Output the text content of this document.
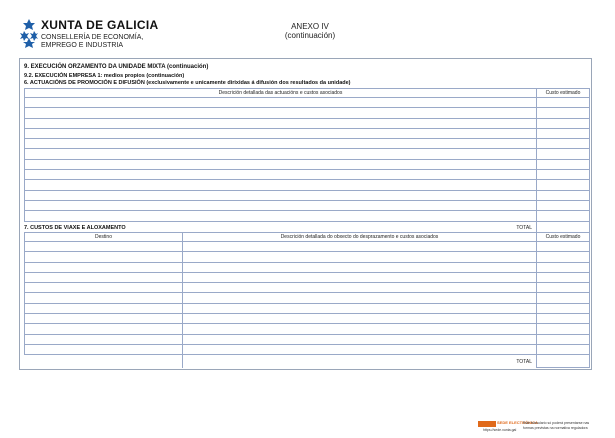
XUNTA DE GALICIA
CONSELLERÍA DE ECONOMÍA,
EMPREGO E INDUSTRIA
ANEXO IV
(continuación)
9. EXECUCIÓN ORZAMENTO DA UNIDADE MIXTA (continuación)
9.2. EXECUCIÓN EMPRESA 1: medios propios (continuación)
6. ACTUACIÓNS DE PROMOCIÓN E DIFUSIÓN (exclusivamente e unicamente dirixidas á difusión dos resultados da unidade)
Descrición detallada das actuacións e custos asociados	Custo estimado

TOTAL	
7. CUSTOS DE VIAXE E ALOXAMENTO
Destino	Descrición detallada do obxecto do desprazamento e custos asociados	Custo estimado

	TOTAL	
SEDE ELECTRÓNICA
https://sede.xunta.gal
Este formulario só poderá presentarse nas
formas previstas na normativa reguladora
